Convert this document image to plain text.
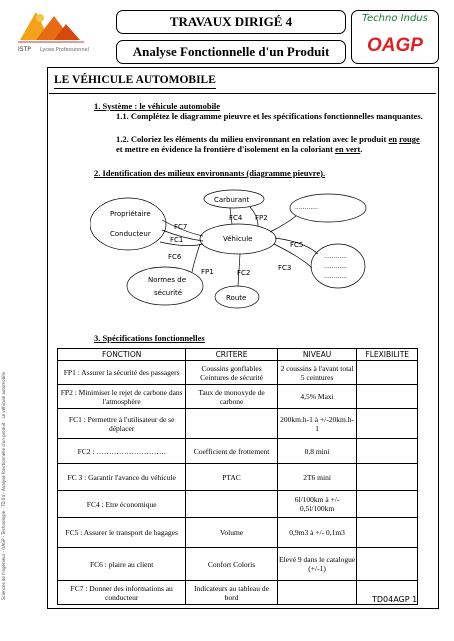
Sciences de l'ingénieur - OAGP - Technologie - TD 04 - Analyse fonctionnelle d'un produit - Le véhicule automobile
ISTP Lycée Professionnel
TRAVAUX DIRIGÉ 4
Analyse Fonctionnelle d'un Produit
Techno Indus
OAGP
LE VÉHICULE AUTOMOBILE
1. Système : le véhicule automobile
1.1. Complétez le diagramme pieuvre et les spécifications fonctionnelles manquantes.
1.2. Coloriez les éléments du milieu environnant en relation avec le produit en rouge et mettre en évidence la frontière d'isolement en la coloriant en vert.
2. Identification des milieux environnants (diagramme pieuvre).
Propriétaire
Conducteur
Carburant
Véhicule
Normes de
sécurité
Route
............
............
............
............
FC7
FC1
FC6
FC4 FP2
FC5
FC3
FP1	FC2
3. Spécifications fonctionnelles
FONCTION	CRITERE	NIVEAU	FLEXIBILITE
FP1 : Assurer la sécurité des passagers	Coussins gonflables Ceintures de sécurité	2 coussins à l'avant total 5 ceintures	
FP2 : Minimiser le rejet de carbone dans l'atmosphère	Taux de monoxyde de carbone	4,5% Maxi	
FC1 : Permettre à l'utilisateur de se déplacer		200km.h-1 à +/-20km.h-1	
FC2 : ……………………….	Coefficient de frottement	0,8 mini	
FC 3 : Garantir l'avance du véhicule	PTAC	2T6 mini	
FC4 : Etre économique		6l/100km à +/- 0,5l/100km	
FC5 : Assurer le transport de bagages	Volume	0,9m3 à +/- 0,1m3	
FC6 : plaire au client	Confort Coloris	Elevé 9 dans le catalogue (+/-1)	
FC7 : Donner des informations au conducteur	Indicateurs au tableau de bord			TD04AGP 1
